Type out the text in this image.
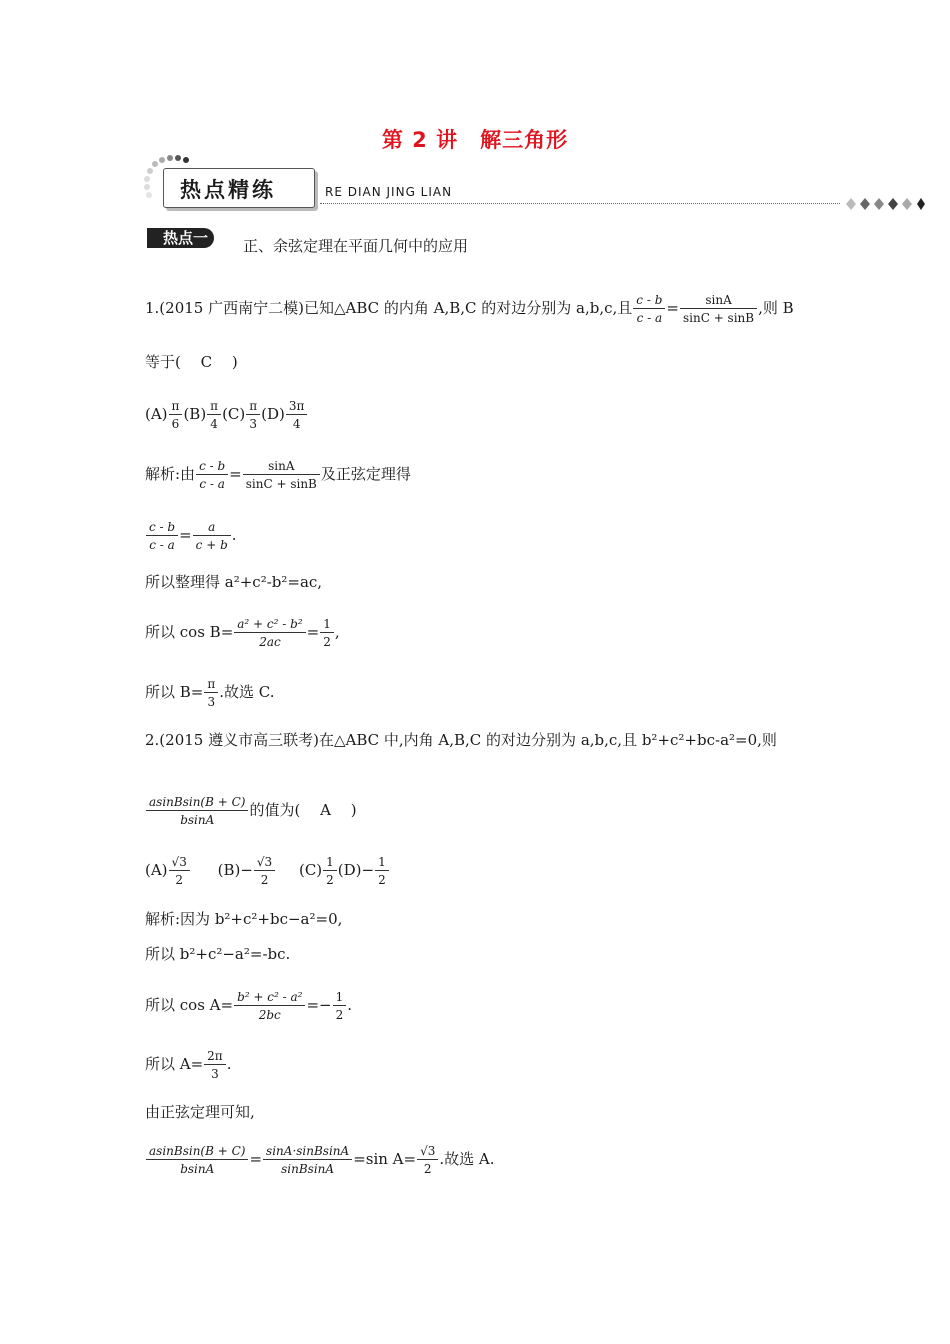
第 2 讲　解三角形
热点精练	RE DIAN JING LIAN
热点一	正、余弦定理在平面几何中的应用
1.(2015 广西南宁二模)已知△ABC 的内角 A,B,C 的对边分别为 a,b,c,且 $\frac{c - b}{c - a} = \frac{\sin A}{\sin C + \sin B}$ ,则 B
等于(　 C　 )
$(A) \frac{\pi}{6} (B) \frac{\pi}{4} (C) \frac{\pi}{3} (D) \frac{3\pi}{4}$
解析:由 $\frac{c - b}{c - a} = \frac{\sin A}{\sin C + \sin B}$ 及正弦定理得
$\frac{c - b}{c - a} = \frac{a}{c + b}$ .
所以整理得 a²+c²-b²=ac,
所以 $\cos B= \frac{\text{a² + c² - b²}}{2ac} = \frac{1}{2}$ ,
所以 $B= \frac{\pi}{3}$ .故选 C.
2.(2015 遵义市高三联考)在△ABC 中,内角 A,B,C 的对边分别为 a,b,c,且 b²+c²+bc-a²=0,则
$\frac{\text{asinBsin(B + C)}}{bsinA}$ 的值为(　 A　 )
$(A) \frac{√3}{2} (B)- \frac{√3}{2} (C) \frac{1}{2} (D)- \frac{1}{2}$
解析:因为 b²+c²+bc−a²=0,
所以 b²+c²−a²=-bc.
所以 $\cos A= \frac{\text{b² + c² - a²}}{2bc} =- \frac{1}{2}$ .
所以 $A= \frac{2\pi}{3}$ .
由正弦定理可知,
$\frac{\text{asinBsin(B + C)}}{bsinA} = \frac{\text{sinA·sinBsinA}}{\text{sinBsinA}} =\sin$ $A= \frac{√3}{2}$ .故选 A.
